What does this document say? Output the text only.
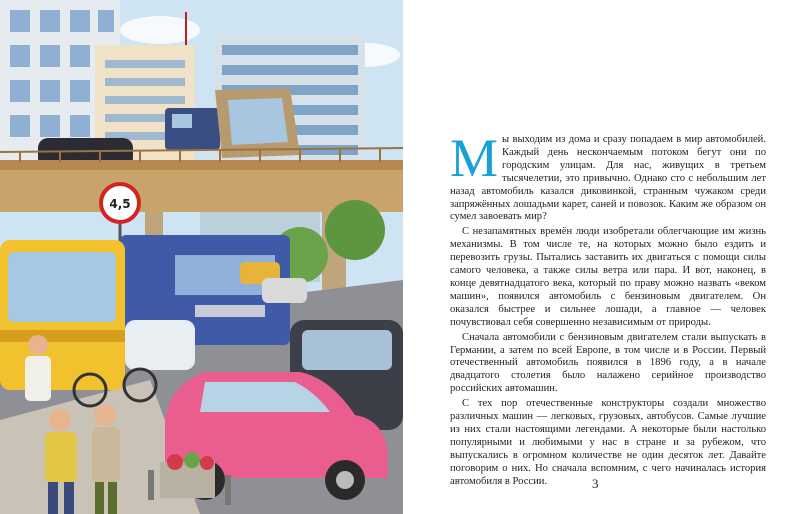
4,5

Мы выходим из дома и сразу попадаем в мир автомобилей. Каждый день нескончаемым потоком бегут они по городским улицам. Для нас, живущих в третьем тысячелетии, это привычно. Однако сто с небольшим лет назад автомобиль казался диковинкой, странным чужаком среди запряжённых лошадьми карет, саней и повозок. Каким же образом он сумел завоевать мир?

С незапамятных времён люди изобретали облегчающие им жизнь механизмы. В том числе те, на которых можно было ездить и перевозить грузы. Пытались заставить их двигаться с помощи силы самого человека, а также силы ветра или пара. И вот, наконец, в конце девятнадцатого века, который по праву можно назвать «веком машин», появился автомобиль с бензиновым двигателем. Он оказался быстрее и сильнее лошади, а главное — человек почувствовал себя совершенно независимым от природы.

Сначала автомобили с бензиновым двигателем стали выпускать в Германии, а затем по всей Европе, в том числе и в России. Первый отечественный автомобиль появился в 1896 году, а в начале двадцатого столетия было налажено серийное производство российских автомашин.

С тех пор отечественные конструкторы создали множество различных машин — легковых, грузовых, автобусов. Самые лучшие из них стали настоящими легендами. А некоторые были настолько популярными и любимыми у нас в стране и за рубежом, что выпускались в огромном количестве не один десяток лет. Давайте поговорим о них. Но сначала вспомним, с чего начиналась история автомобиля в России.	3
